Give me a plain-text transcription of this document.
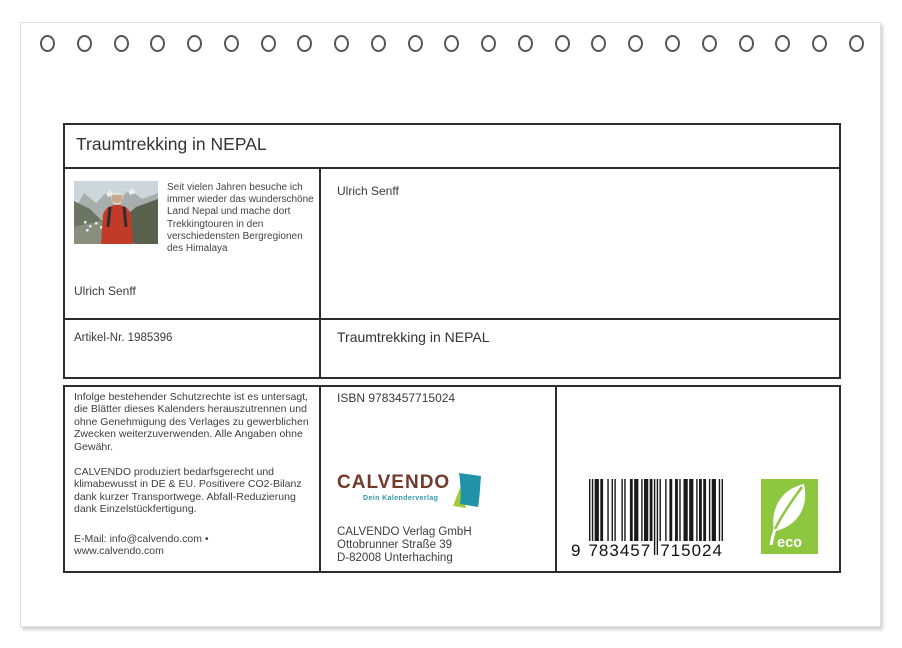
Traumtrekking in NEPAL
Seit vielen Jahren besuche ich immer wieder das wunderschöne Land Nepal und mache dort Trekkingtouren in den verschiedensten Bergregionen des Himalaya
Ulrich Senff
Ulrich Senff
Artikel-Nr. 1985396	Traumtrekking in NEPAL

Infolge bestehender Schutzrechte ist es untersagt, die Blätter dieses Kalenders herauszutrennen und ohne Genehmigung des Verlages zu gewerblichen Zwecken weiterzuverwenden. Alle Angaben ohne Gewähr.

CALVENDO produziert bedarfsgerecht und klimabewusst in DE & EU. Positivere CO2-Bilanz dank kurzer Transportwege. Abfall-Reduzierung dank Einzelstückfertigung.

E-Mail: info@calvendo.com •

www.calvendo.com

ISBN 9783457715024
CALVENDO
Dein Kalenderverlag
CALVENDO Verlag GmbH
Ottobrunner Straße 39
D-82008 Unterhaching	9 783457 715024	eco
